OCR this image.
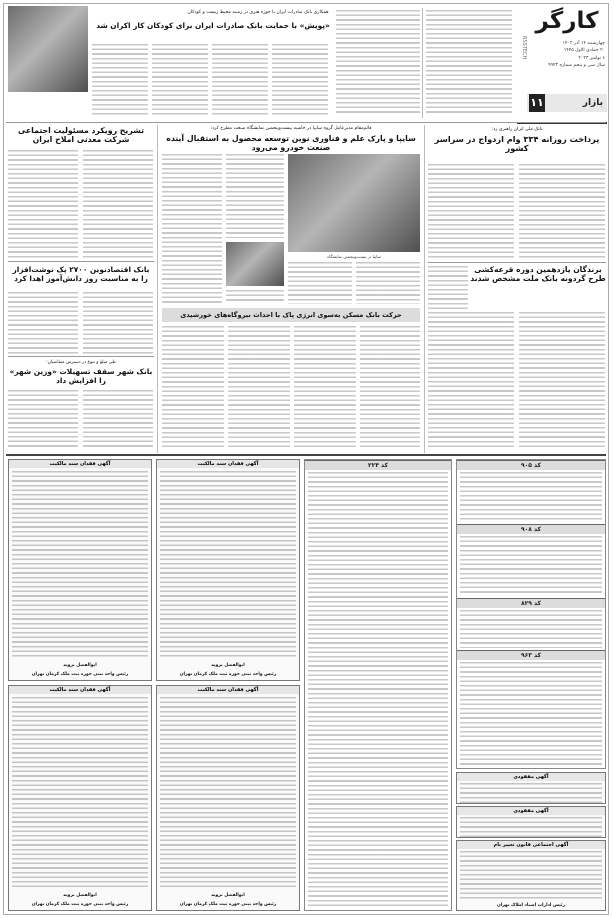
RSSTECH
کارگر
چهارشنبه ۱۴ آذر ۱۴۰۲
۲۰ جمادی الاول ۱۴۴۵
۶ نوامبر ۲۰۲۳
سال سی و پنجم شماره ۹۹۴۳
۱۱	بازار
همکاری بانک صادرات ایران با حوزه هنری در زمینه محیط زیست و کودکان
«پویش» با حمایت بانک صادرات ایران برای کودکان کار اکران شد
تشریح رویکرد مسئولیت اجتماعی شرکت معدنی املاح ایران
بانک اقتصادنوین ۲۷۰۰ پک نوشت‌افزار را به مناسبت روز دانش‌آموز اهدا کرد
طی مبلغ و تنوع در دسترس متقاضیان:
بانک شهر سقف تسهیلات «وزین شهر» را افزایش داد
قائم‌مقام مدیرعامل گروه سایپا در حاشیه بیست‌وپنجمین نمایشگاه صنعت مطرح کرد:
سایپا و پارک علم و فناوری نوین توسعه محصول به استقبال آینده صنعت خودرو می‌رود
سایپا در بیست‌وپنجمین نمایشگاه
حرکت بانک مسکن به‌سوی انرژی پاک با احداث نیروگاه‌های خورشیدی
بانک ملی ایران راهبری زد:
پرداخت روزانه ۳۳۴ وام ازدواج در سراسر کشور
برندگان یازدهمین دوره قرعه‌کشی طرح گردونه بانک ملت مشخص شدند
کد ۹۰۵
کد ۹۰۸
کد ۸۲۹
کد ۹۶۳
کد ۲۲۴
آگهی مفقودی
آگهی مفقودی
آگهی اجتماعی قانون تغییر نام
رئیس ادارات اسناد املاک تهران
آگهی فقدان سند مالکیت
ابوالفضل نرویه
رئیس واحد ثبتی حوزه ثبت ملک کرمان تهران
آگهی فقدان سند مالکیت
ابوالفضل نرویه
رئیس واحد ثبتی حوزه ثبت ملک کرمان تهران
آگهی فقدان سند مالکیت
ابوالفضل نرویه
رئیس واحد ثبتی حوزه ثبت ملک کرمان تهران
آگهی فقدان سند مالکیت
ابوالفضل نرویه
رئیس واحد ثبتی حوزه ثبت ملک کرمان تهران
